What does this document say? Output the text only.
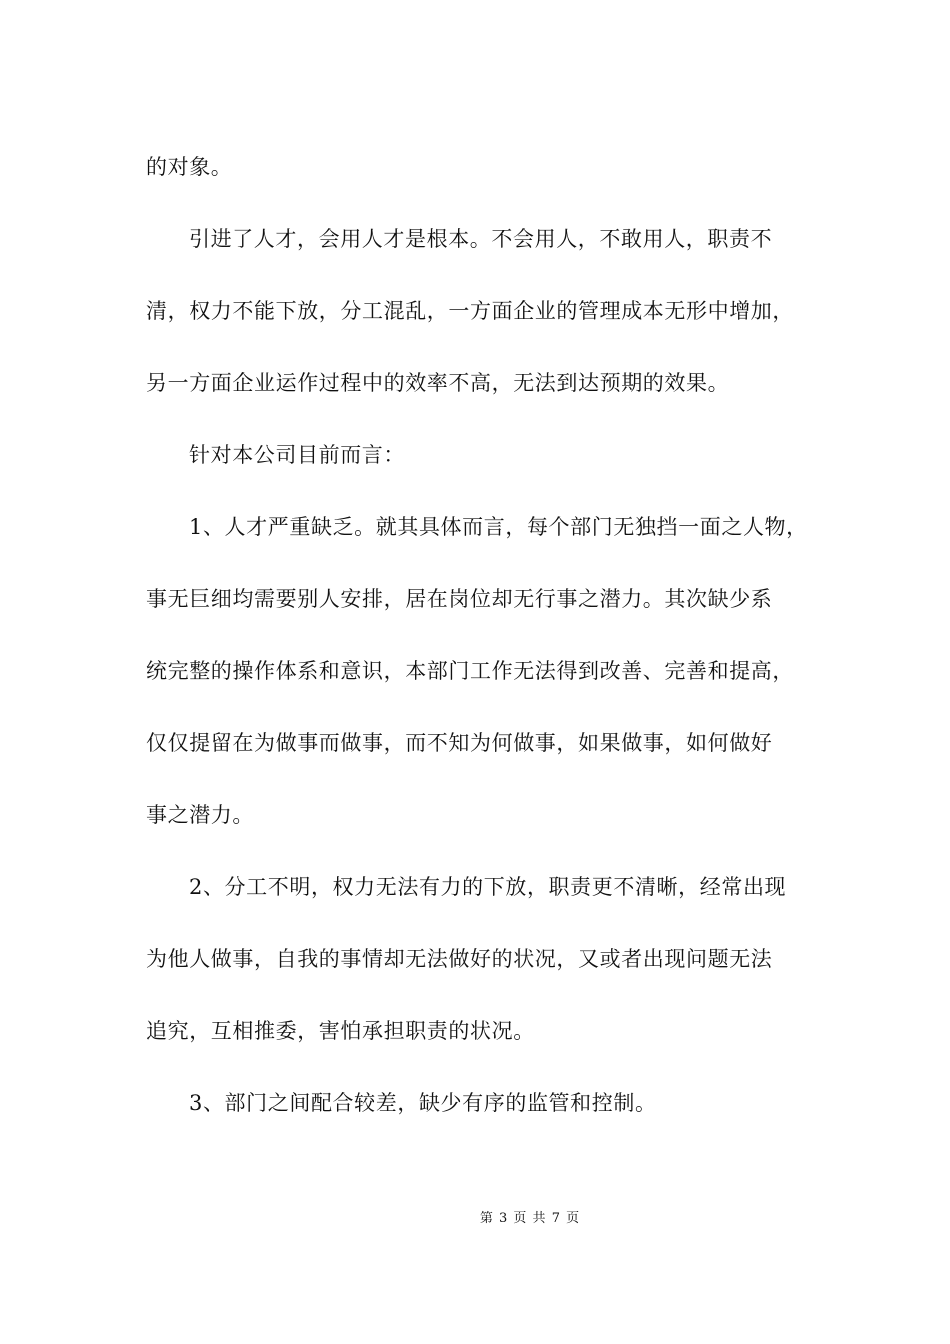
的对象。
引进了人才，会用人才是根本。不会用人，不敢用人，职责不
清，权力不能下放，分工混乱，一方面企业的管理成本无形中增加，
另一方面企业运作过程中的效率不高，无法到达预期的效果。
针对本公司目前而言：
1、人才严重缺乏。就其具体而言，每个部门无独挡一面之人物，
事无巨细均需要别人安排，居在岗位却无行事之潜力。其次缺少系
统完整的操作体系和意识，本部门工作无法得到改善、完善和提高，
仅仅提留在为做事而做事，而不知为何做事，如果做事，如何做好
事之潜力。
2、分工不明，权力无法有力的下放，职责更不清晰，经常出现
为他人做事，自我的事情却无法做好的状况，又或者出现问题无法
追究，互相推委，害怕承担职责的状况。
3、部门之间配合较差，缺少有序的监管和控制。
第 3 页 共 7 页
